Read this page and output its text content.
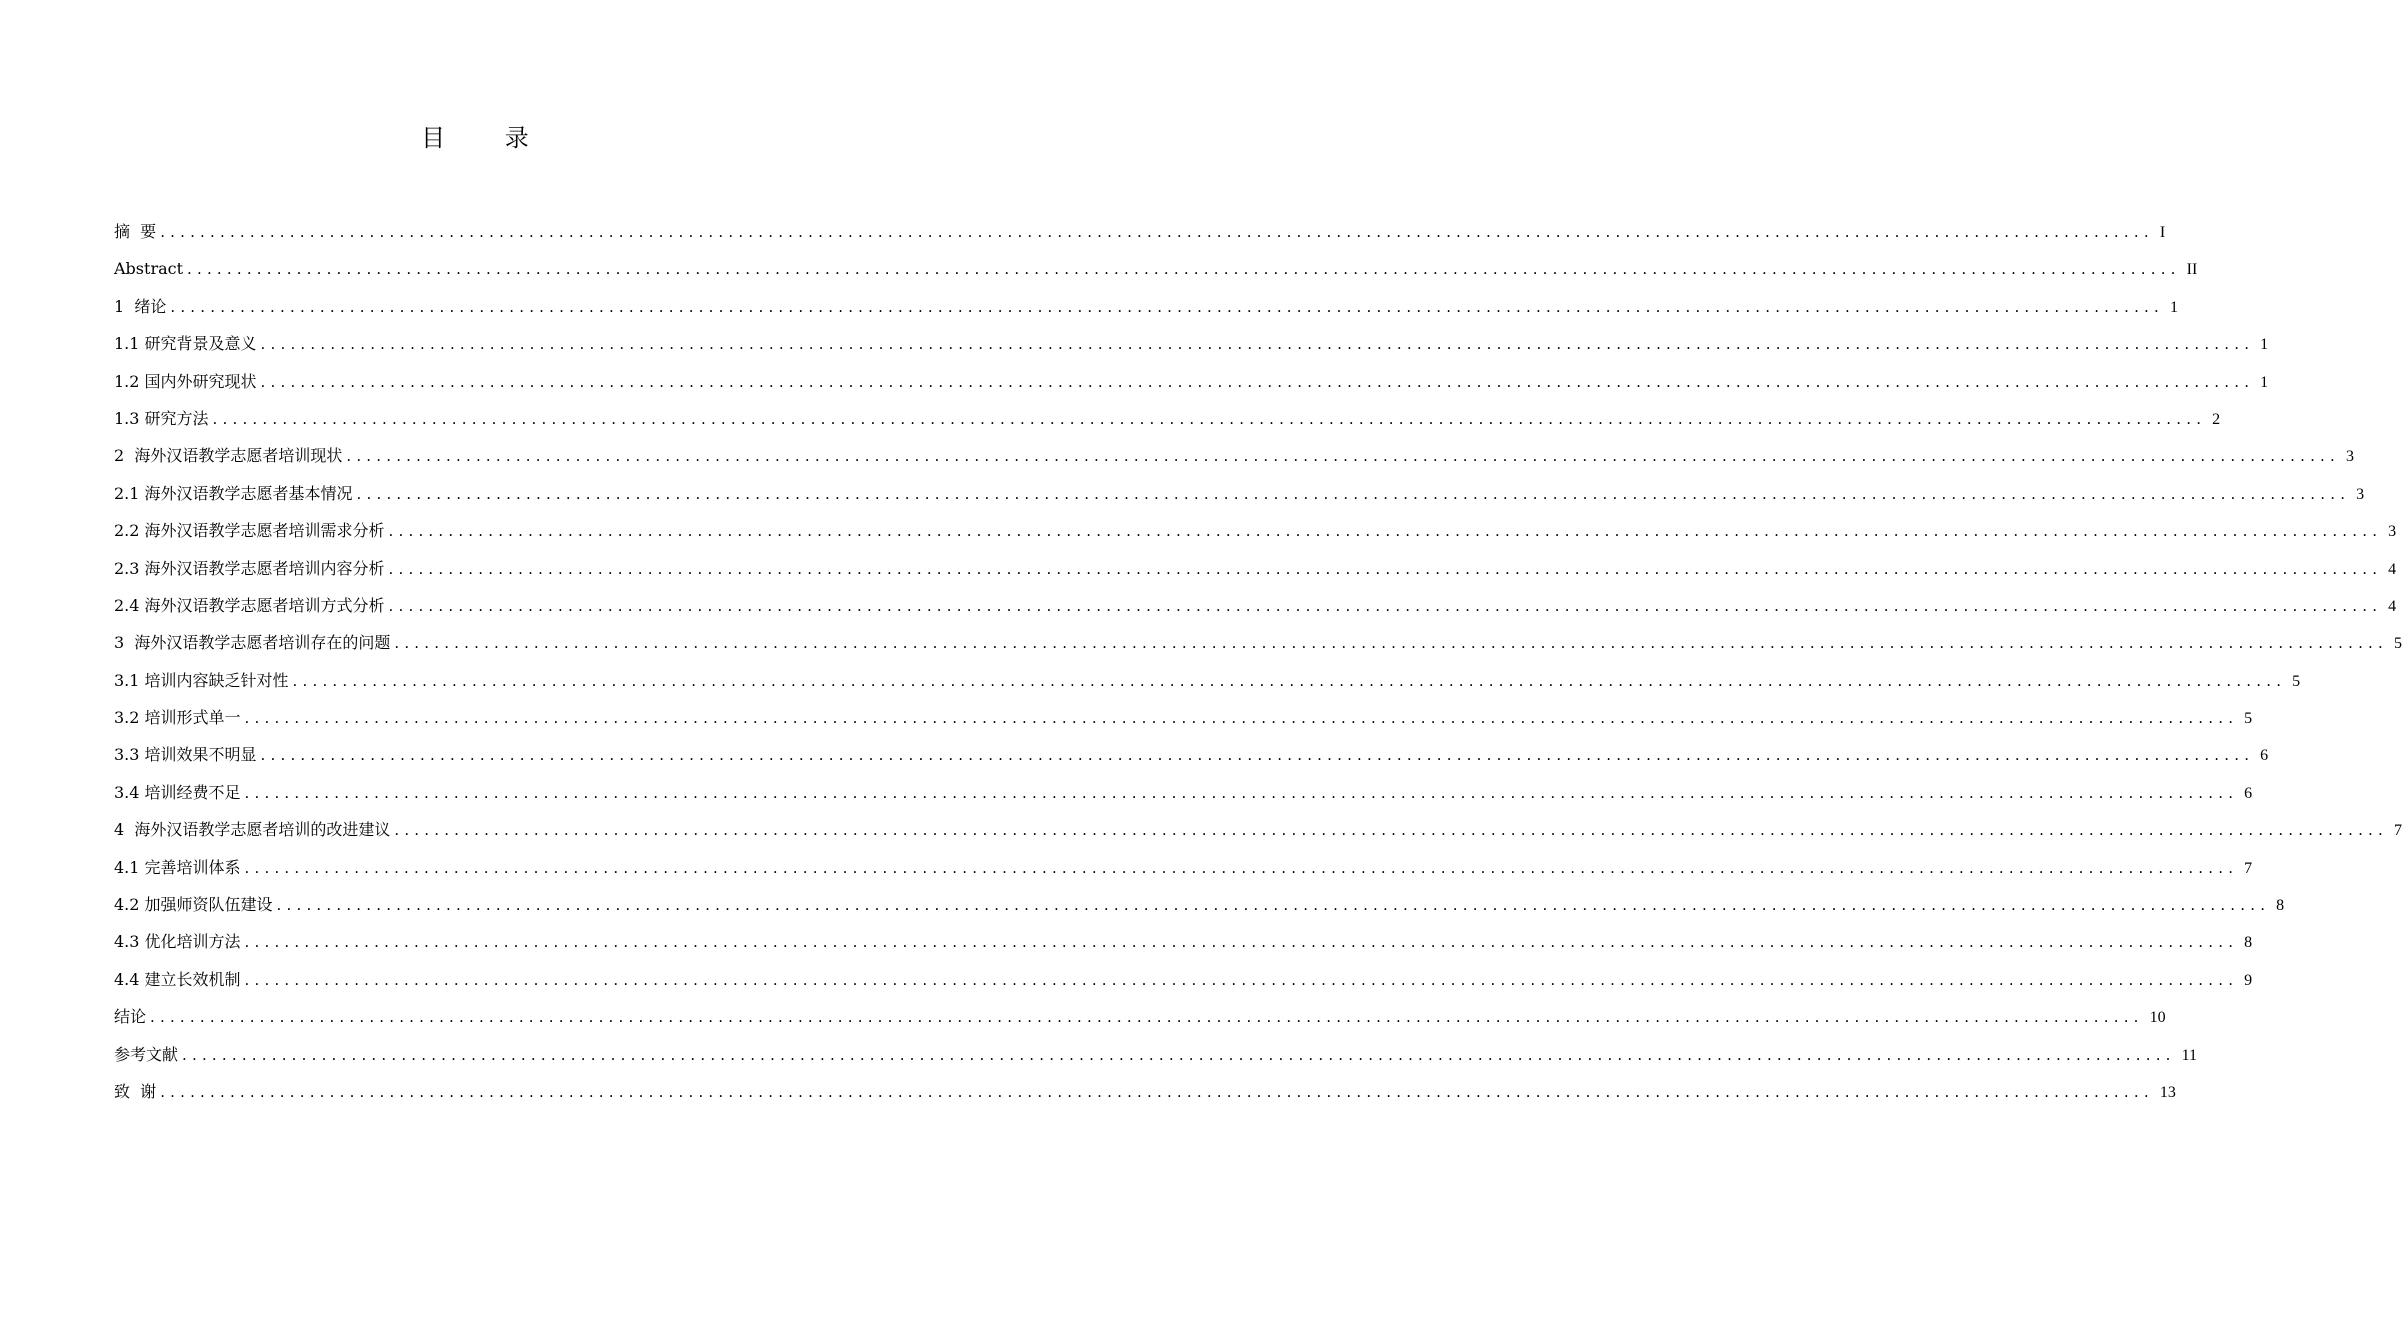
目 录
摘  要 ........................................................................................................................................................................................................ I
Abstract ........................................................................................................................................................................................................ II
1  绪论 ........................................................................................................................................................................................................ 1
1.1 研究背景及意义 ........................................................................................................................................................................................................ 1
1.2 国内外研究现状 ........................................................................................................................................................................................................ 1
1.3 研究方法 ........................................................................................................................................................................................................ 2
2  海外汉语教学志愿者培训现状 ........................................................................................................................................................................................................ 3
2.1 海外汉语教学志愿者基本情况 ........................................................................................................................................................................................................ 3
2.2 海外汉语教学志愿者培训需求分析 ........................................................................................................................................................................................................ 3
2.3 海外汉语教学志愿者培训内容分析 ........................................................................................................................................................................................................ 4
2.4 海外汉语教学志愿者培训方式分析 ........................................................................................................................................................................................................ 4
3  海外汉语教学志愿者培训存在的问题 ........................................................................................................................................................................................................ 5
3.1 培训内容缺乏针对性 ........................................................................................................................................................................................................ 5
3.2 培训形式单一 ........................................................................................................................................................................................................ 5
3.3 培训效果不明显 ........................................................................................................................................................................................................ 6
3.4 培训经费不足 ........................................................................................................................................................................................................ 6
4  海外汉语教学志愿者培训的改进建议 ........................................................................................................................................................................................................ 7
4.1 完善培训体系 ........................................................................................................................................................................................................ 7
4.2 加强师资队伍建设 ........................................................................................................................................................................................................ 8
4.3 优化培训方法 ........................................................................................................................................................................................................ 8
4.4 建立长效机制 ........................................................................................................................................................................................................ 9
结论 ........................................................................................................................................................................................................ 10
参考文献 ........................................................................................................................................................................................................ 11
致  谢 ........................................................................................................................................................................................................ 13
